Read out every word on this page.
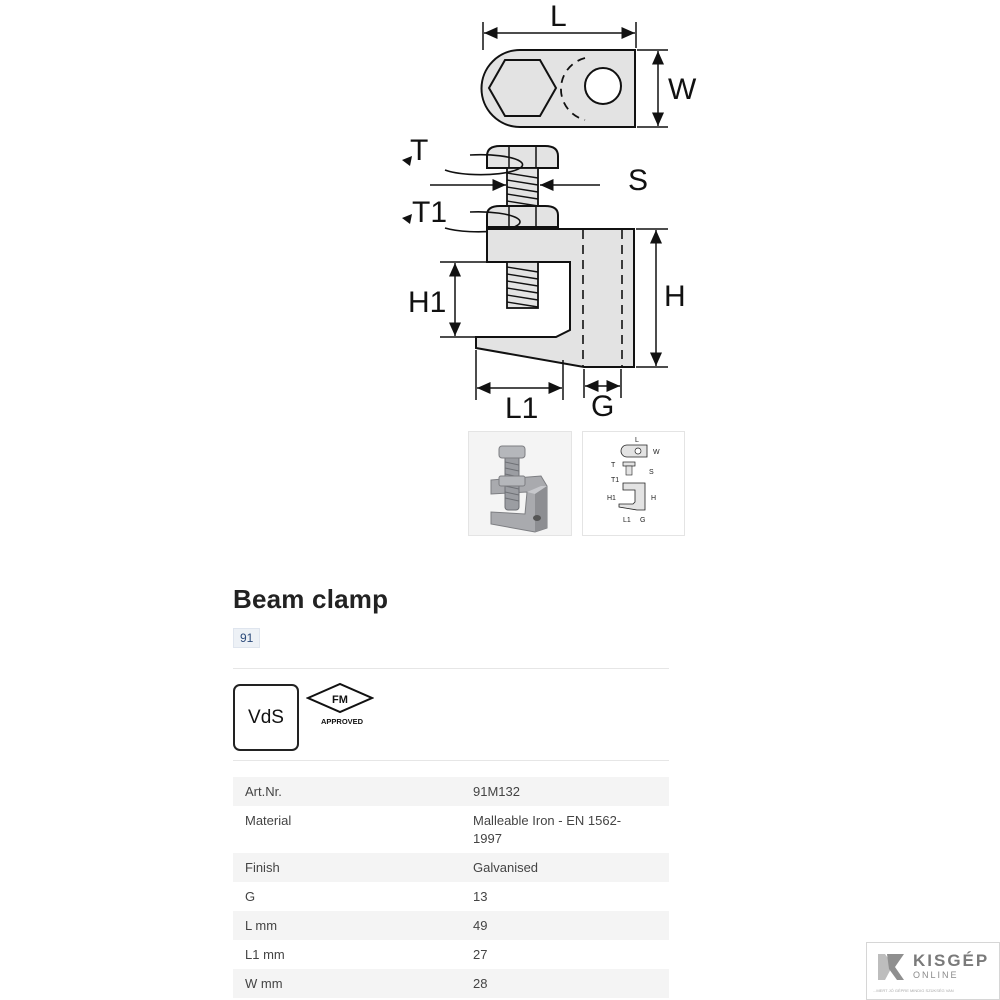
L
W
T
S
T1
H1	H
L1 G
L
W
T
S
T1
H1	H
L1 G
Beam clamp
91
VdS
FM
APPROVED
Art.Nr.	91M132
Material	Malleable Iron - EN 1562-1997
Finish	Galvanised
G	13
L mm	49
L1 mm	27
W mm	28
KISGÉP
ONLINE
...MERT JÓ GÉPRE MINDIG SZÜKSÉG VAN
